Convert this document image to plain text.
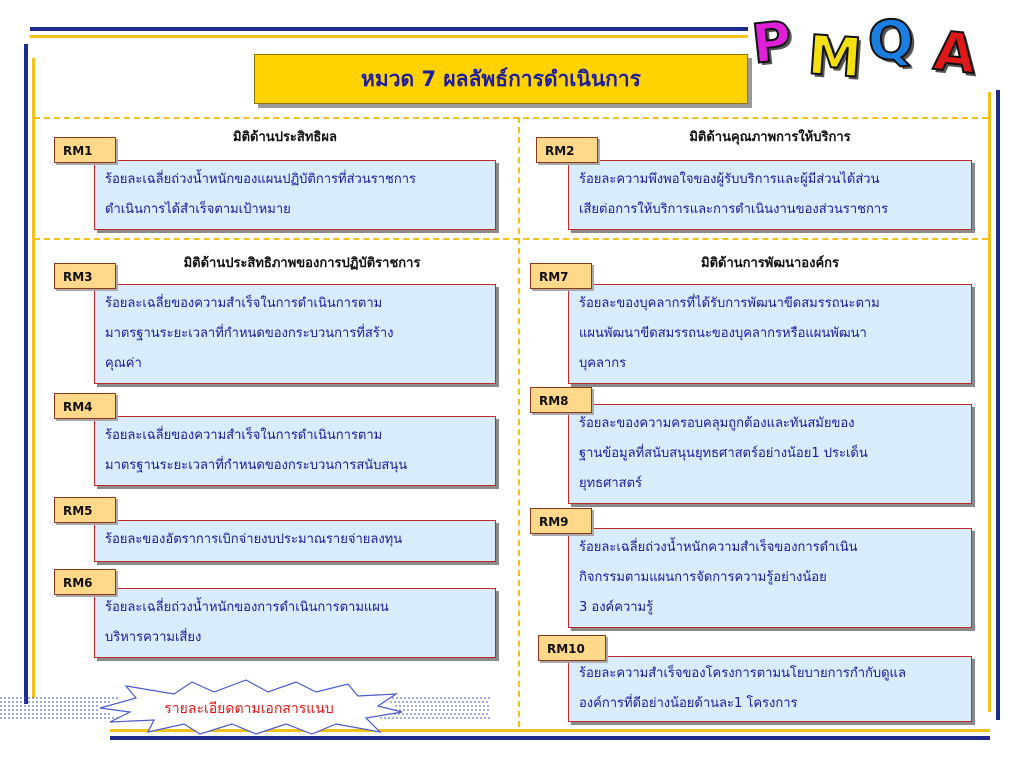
หมวด 7 ผลลัพธ์การดำเนินการ
P M Q A
มิติด้านประสิทธิผล	มิติด้านคุณภาพการให้บริการ
มิติด้านประสิทธิภาพของการปฏิบัติราชการ	มิติด้านการพัฒนาองค์กร
ร้อยละเฉลี่ยถ่วงน้ำหนักของแผนปฏิบัติการที่ส่วนราชการ
ดำเนินการได้สำเร็จตามเป้าหมาย
RM1
ร้อยละความพึงพอใจของผู้รับบริการและผู้มีส่วนได้ส่วน
เสียต่อการให้บริการและการดำเนินงานของส่วนราชการ
RM2
ร้อยละเฉลี่ยของความสำเร็จในการดำเนินการตาม
มาตรฐานระยะเวลาที่กำหนดของกระบวนการที่สร้าง
คุณค่า
RM3
ร้อยละเฉลี่ยของความสำเร็จในการดำเนินการตาม
มาตรฐานระยะเวลาที่กำหนดของกระบวนการสนับสนุน
RM4
ร้อยละของอัตราการเบิกจ่ายงบประมาณรายจ่ายลงทุน
RM5
ร้อยละเฉลี่ยถ่วงน้ำหนักของการดำเนินการตามแผน
บริหารความเสี่ยง
RM6
ร้อยละของบุคลากรที่ได้รับการพัฒนาขีดสมรรถนะตาม
แผนพัฒนาขีดสมรรถนะของบุคลากรหรือแผนพัฒนา
บุคลากร
RM7
ร้อยละของความครอบคลุมถูกต้องและทันสมัยของ
ฐานข้อมูลที่สนับสนุนยุทธศาสตร์อย่างน้อย1 ประเด็น
ยุทธศาสตร์
RM8
ร้อยละเฉลี่ยถ่วงน้ำหนักความสำเร็จของการดำเนิน
กิจกรรมตามแผนการจัดการความรู้อย่างน้อย
3 องค์ความรู้
RM9
ร้อยละความสำเร็จของโครงการตามนโยบายการกำกับดูแล
องค์การที่ดีอย่างน้อยด้านละ1 โครงการ
RM10
รายละเอียดตามเอกสารแนบ
